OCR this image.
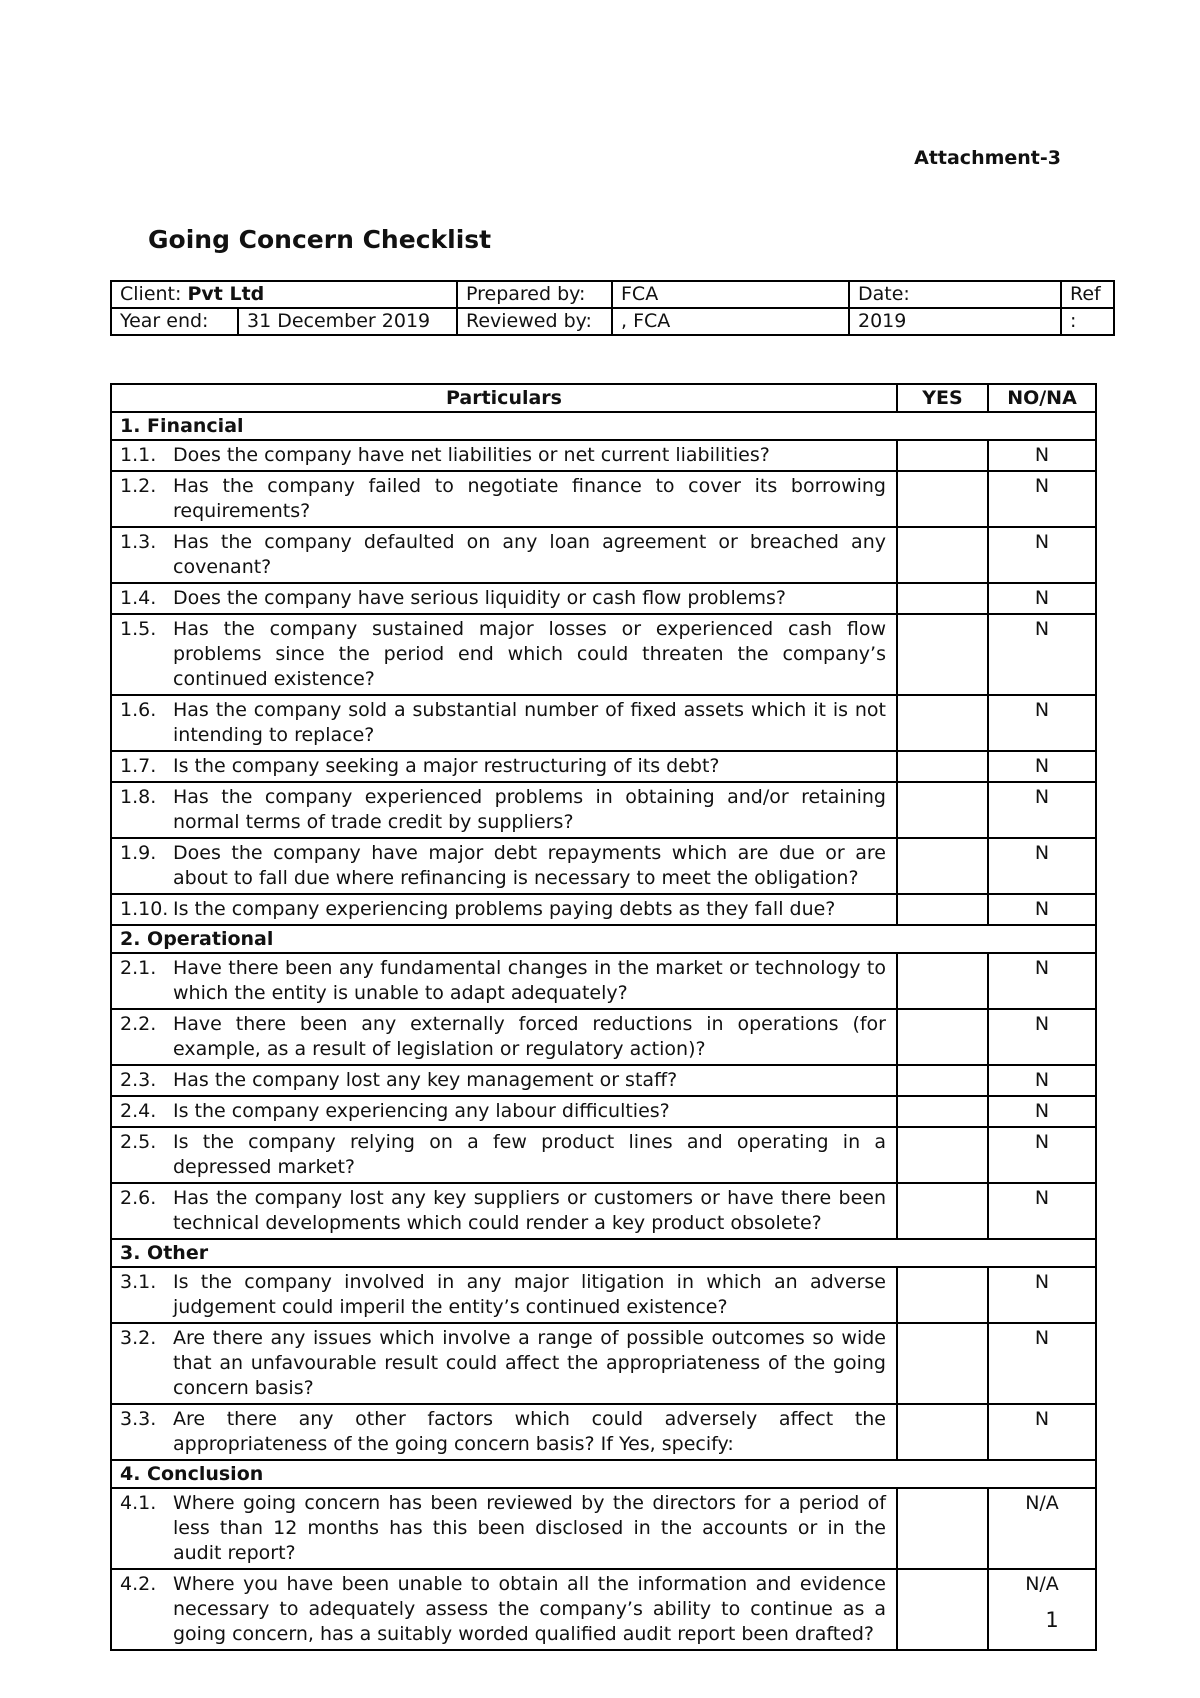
Attachment-3
Going Concern Checklist
Client: Pvt Ltd		Prepared by:	FCA	Date:	Ref
Year end:	31 December 2019	Reviewed by:	, FCA	2019	:
Particulars	YES	NO/NA
1. Financial		

1.1. Does the company have net liabilities or net current liabilities?		N

1.2. Has the company failed to negotiate finance to cover its borrowing requirements?		N

1.3. Has the company defaulted on any loan agreement or breached any covenant?		N

1.4. Does the company have serious liquidity or cash flow problems?		N

1.5. Has the company sustained major losses or experienced cash flow problems since the period end which could threaten the company’s continued existence?		N

1.6. Has the company sold a substantial number of fixed assets which it is not intending to replace?		N

1.7. Is the company seeking a major restructuring of its debt?		N

1.8. Has the company experienced problems in obtaining and/or retaining normal terms of trade credit by suppliers?		N

1.9. Does the company have major debt repayments which are due or are about to fall due where refinancing is necessary to meet the obligation?		N

1.10. Is the company experiencing problems paying debts as they fall due?		N
2. Operational		

2.1. Have there been any fundamental changes in the market or technology to which the entity is unable to adapt adequately?		N

2.2. Have there been any externally forced reductions in operations (for example, as a result of legislation or regulatory action)?		N

2.3. Has the company lost any key management or staff?		N

2.4. Is the company experiencing any labour difficulties?		N

2.5. Is the company relying on a few product lines and operating in a depressed market?		N

2.6. Has the company lost any key suppliers or customers or have there been technical developments which could render a key product obsolete?		N
3. Other		

3.1. Is the company involved in any major litigation in which an adverse judgement could imperil the entity’s continued existence?		N

3.2. Are there any issues which involve a range of possible outcomes so wide that an unfavourable result could affect the appropriateness of the going concern basis?		N

3.3. Are there any other factors which could adversely affect the appropriateness of the going concern basis? If Yes, specify:		N
4. Conclusion		

4.1. Where going concern has been reviewed by the directors for a period of less than 12 months has this been disclosed in the accounts or in the audit report?		N/A

4.2. Where you have been unable to obtain all the information and evidence necessary to adequately assess the company’s ability to continue as a going concern, has a suitably worded qualified audit report been drafted?		N/A
1
